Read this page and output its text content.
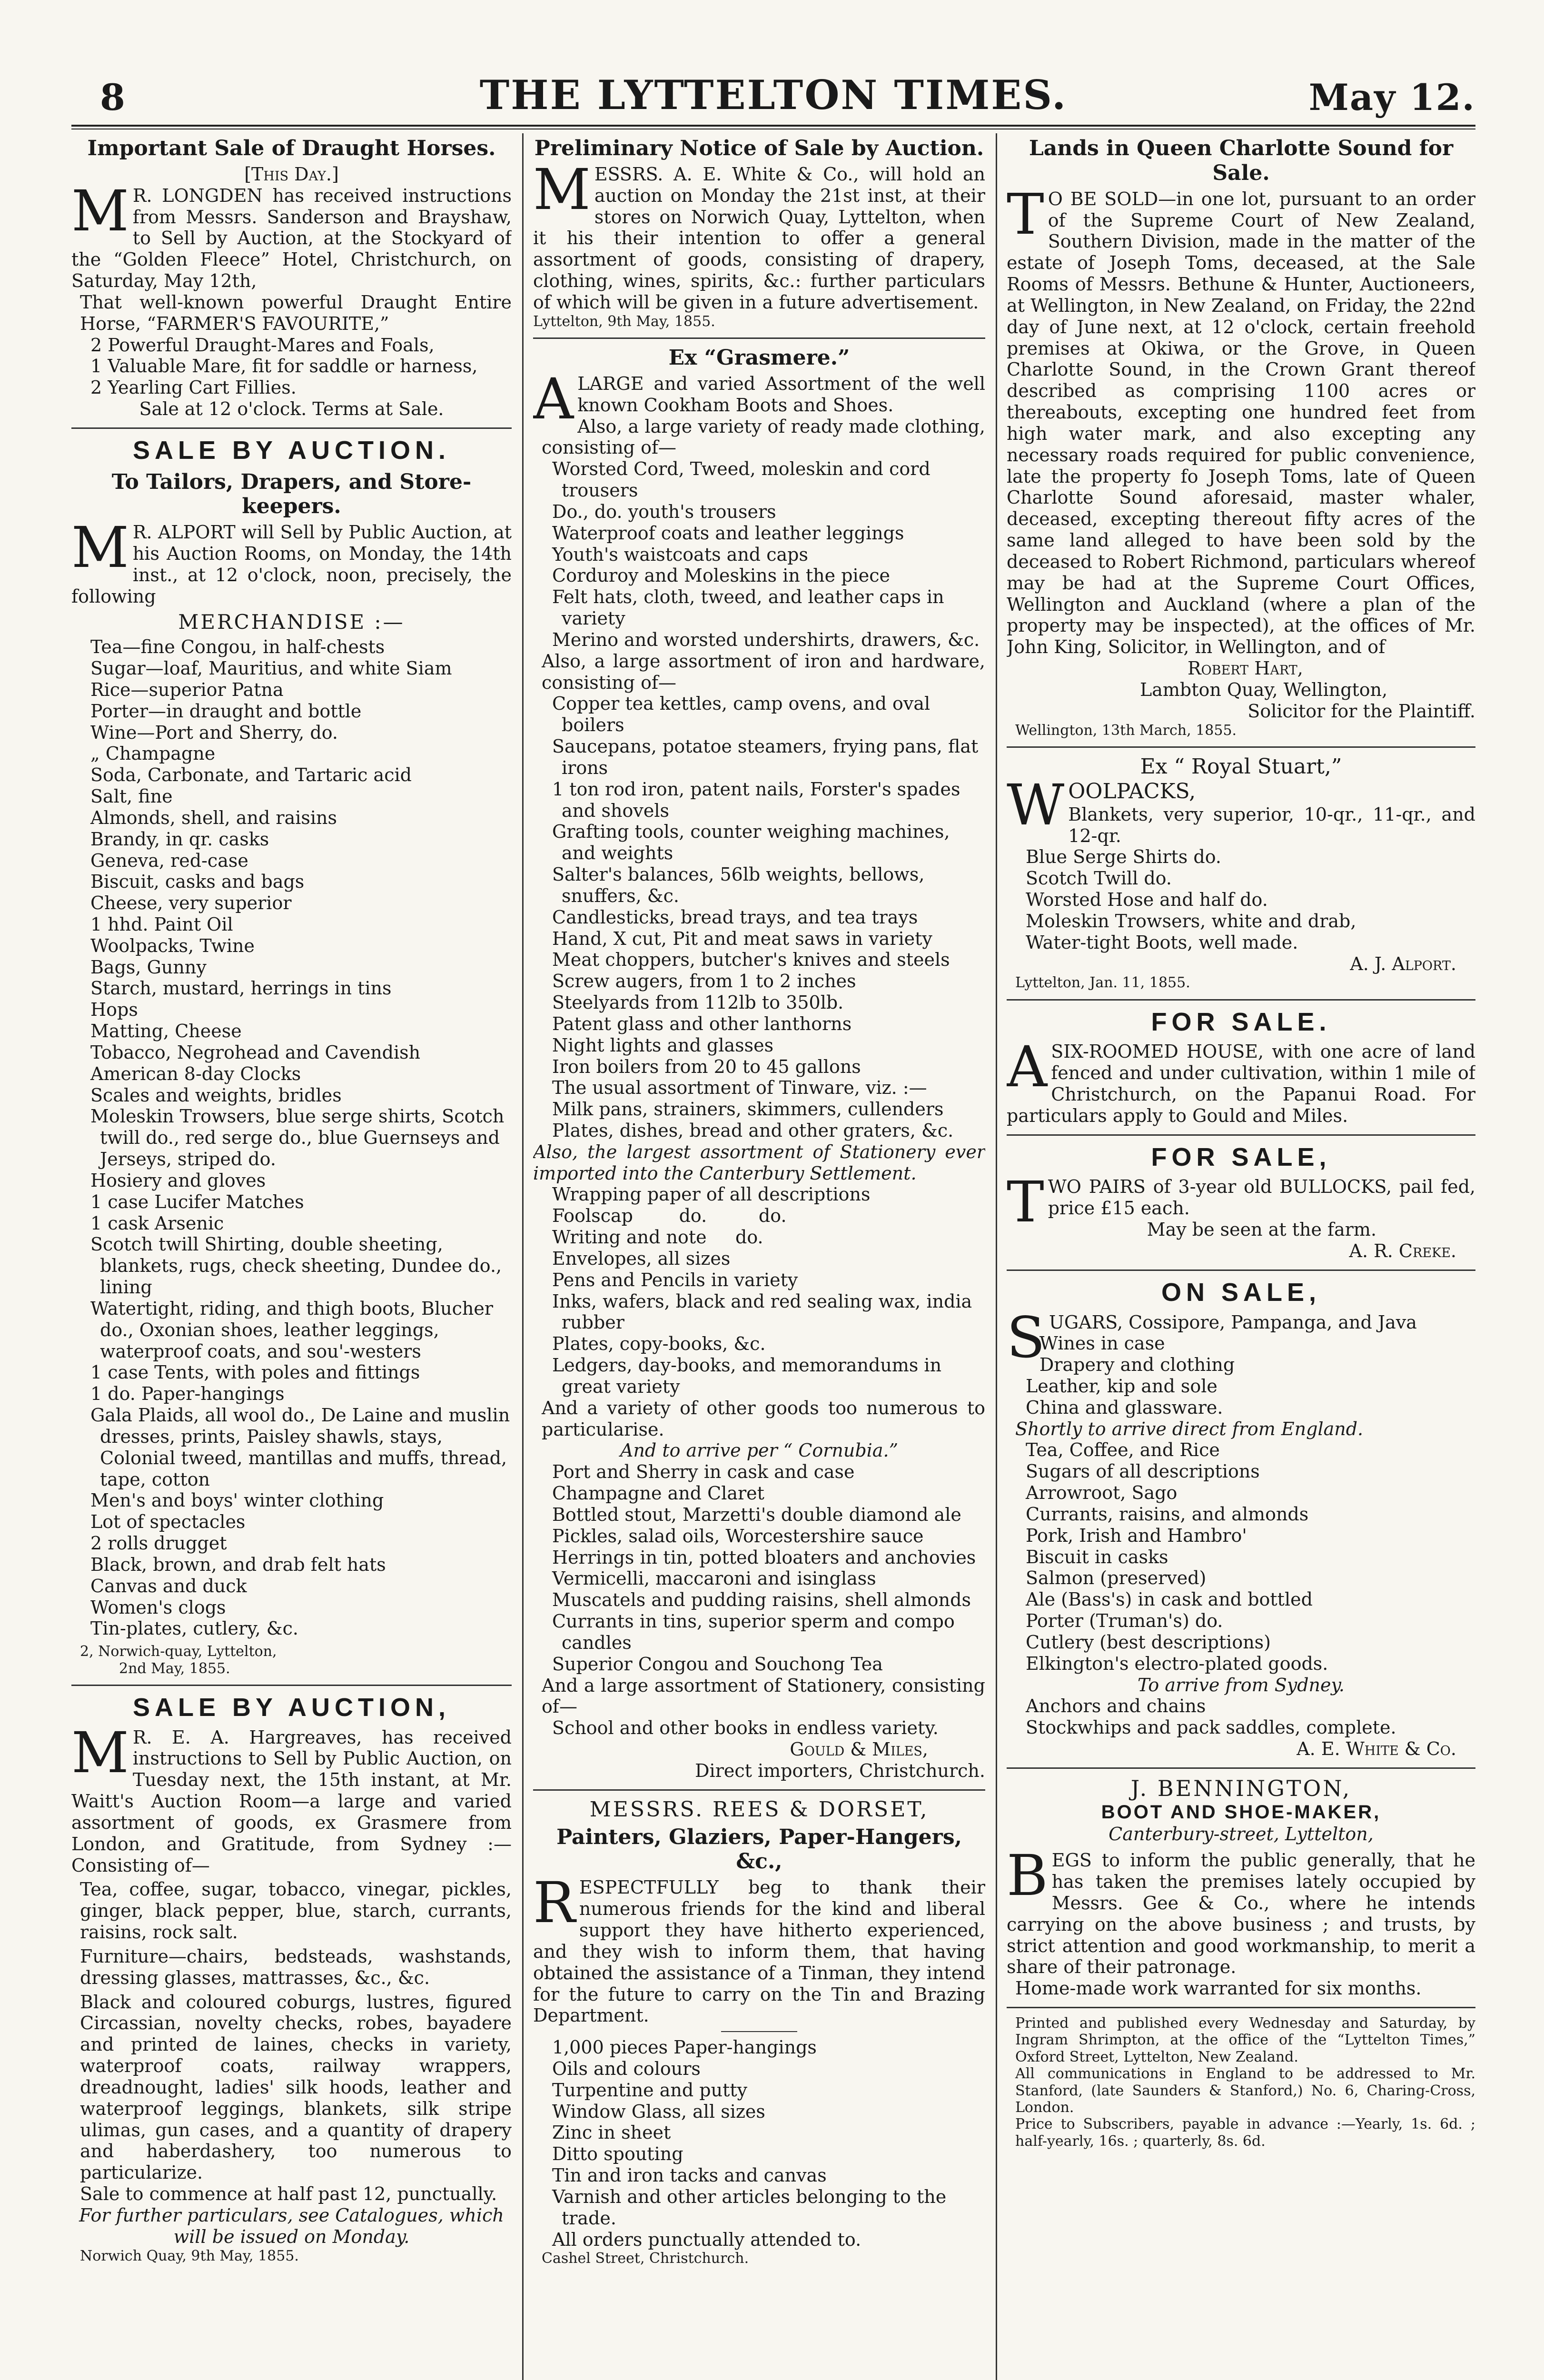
8	THE LYTTELTON TIMES.	May 12.
Important Sale of Draught Horses.
[This Day.]

M R. LONGDEN has received instructions from Messrs. Sanderson and Brayshaw, to Sell by Auction, at the Stockyard of the “Golden Fleece” Hotel, Christchurch, on Saturday, May 12th,

That well-known powerful Draught Entire Horse, “FARMER'S FAVOURITE,”

2 Powerful Draught-Mares and Foals,
1 Valuable Mare, fit for saddle or harness,
2 Yearling Cart Fillies.
Sale at 12 o'clock. Terms at Sale.
SALE BY AUCTION.
To Tailors, Drapers, and Store-keepers.

M R. ALPORT will Sell by Public Auction, at his Auction Rooms, on Monday, the 14th inst., at 12 o'clock, noon, precisely, the following

MERCHANDISE :—
Tea—fine Congou, in half-chests
Sugar—loaf, Mauritius, and white Siam
Rice—superior Patna
Porter—in draught and bottle
Wine—Port and Sherry, do.
„ Champagne
Soda, Carbonate, and Tartaric acid
Salt, fine
Almonds, shell, and raisins
Brandy, in qr. casks
Geneva, red-case
Biscuit, casks and bags
Cheese, very superior
1 hhd. Paint Oil
Woolpacks, Twine
Bags, Gunny
Starch, mustard, herrings in tins
Hops
Matting, Cheese
Tobacco, Negrohead and Cavendish
American 8-day Clocks
Scales and weights, bridles
Moleskin Trowsers, blue serge shirts, Scotch twill do., red serge do., blue Guernseys and Jerseys, striped do.
Hosiery and gloves
1 case Lucifer Matches
1 cask Arsenic
Scotch twill Shirting, double sheeting, blankets, rugs, check sheeting, Dundee do., lining
Watertight, riding, and thigh boots, Blucher do., Oxonian shoes, leather leggings, waterproof coats, and sou'-westers
1 case Tents, with poles and fittings
1 do. Paper-hangings
Gala Plaids, all wool do., De Laine and muslin dresses, prints, Paisley shawls, stays, Colonial tweed, mantillas and muffs, thread, tape, cotton
Men's and boys' winter clothing
Lot of spectacles
2 rolls drugget
Black, brown, and drab felt hats
Canvas and duck
Women's clogs
Tin-plates, cutlery, &c.
2, Norwich-quay, Lyttelton,
2nd May, 1855.
SALE BY AUCTION,

M R. E. A. Hargreaves, has received instructions to Sell by Public Auction, on Tuesday next, the 15th instant, at Mr. Waitt's Auction Room—a large and varied assortment of goods, ex Grasmere from London, and Gratitude, from Sydney :—Consisting of—

Tea, coffee, sugar, tobacco, vinegar, pickles, ginger, black pepper, blue, starch, currants, raisins, rock salt.

Furniture—chairs, bedsteads, washstands, dressing glasses, mattrasses, &c., &c.

Black and coloured coburgs, lustres, figured Circassian, novelty checks, robes, bayadere and printed de laines, checks in variety, waterproof coats, railway wrappers, dreadnought, ladies' silk hoods, leather and waterproof leggings, blankets, silk stripe ulimas, gun cases, and a quantity of drapery and haberdashery, too numerous to particularize.

Sale to commence at half past 12, punctually.

For further particulars, see Catalogues, which will be issued on Monday.

Norwich Quay, 9th May, 1855.
Preliminary Notice of Sale by Auction.

MESSRS. A. E. White & Co., will hold an auction on Monday the 21st inst, at their stores on Norwich Quay, Lyttelton, when it his their intention to offer a general assortment of goods, consisting of drapery, clothing, wines, spirits, &c.: further particulars of which will be given in a future advertisement.

Lyttelton, 9th May, 1855.
Ex “Grasmere.”

ALARGE and varied Assortment of the well known Cookham Boots and Shoes.

Also, a large variety of ready made clothing, consisting of—

Worsted Cord, Tweed, moleskin and cord trousers
Do., do. youth's trousers
Waterproof coats and leather leggings
Youth's waistcoats and caps
Corduroy and Moleskins in the piece
Felt hats, cloth, tweed, and leather caps in variety
Merino and worsted undershirts, drawers, &c.

Also, a large assortment of iron and hardware, consisting of—

Copper tea kettles, camp ovens, and oval boilers
Saucepans, potatoe steamers, frying pans, flat irons
1 ton rod iron, patent nails, Forster's spades and shovels
Grafting tools, counter weighing machines, and weights
Salter's balances, 56lb weights, bellows, snuffers, &c.
Candlesticks, bread trays, and tea trays
Hand, X cut, Pit and meat saws in variety
Meat choppers, butcher's knives and steels
Screw augers, from 1 to 2 inches
Steelyards from 112lb to 350lb.
Patent glass and other lanthorns
Night lights and glasses
Iron boilers from 20 to 45 gallons
The usual assortment of Tinware, viz. :—
Milk pans, strainers, skimmers, cullenders
Plates, dishes, bread and other graters, &c.

Also, the largest assortment of Stationery ever imported into the Canterbury Settlement.

Wrapping paper of all descriptions
Foolscap        do.         do.
Writing and note     do.
Envelopes, all sizes
Pens and Pencils in variety
Inks, wafers, black and red sealing wax, india rubber
Plates, copy-books, &c.
Ledgers, day-books, and memorandums in great variety

And a variety of other goods too numerous to particularise.

And to arrive per “ Cornubia.”
Port and Sherry in cask and case
Champagne and Claret
Bottled stout, Marzetti's double diamond ale
Pickles, salad oils, Worcestershire sauce
Herrings in tin, potted bloaters and anchovies
Vermicelli, maccaroni and isinglass
Muscatels and pudding raisins, shell almonds
Currants in tins, superior sperm and compo candles
Superior Congou and Souchong Tea

And a large assortment of Stationery, consisting of—

School and other books in endless variety.
Gould & Miles,
Direct importers, Christchurch.
MESSRS. REES & DORSET,
Painters, Glaziers, Paper-Hangers, &c.,

RESPECTFULLY beg to thank their numerous friends for the kind and liberal support they have hitherto experienced, and they wish to inform them, that having obtained the assistance of a Tinman, they intend for the future to carry on the Tin and Brazing Department.

1,000 pieces Paper-hangings
Oils and colours
Turpentine and putty
Window Glass, all sizes
Zinc in sheet
Ditto spouting
Tin and iron tacks and canvas
Varnish and other articles belonging to the trade.
All orders punctually attended to.
Cashel Street, Christchurch.
Lands in Queen Charlotte Sound for Sale.

T O BE SOLD—in one lot, pursuant to an order of the Supreme Court of New Zealand, Southern Division, made in the matter of the estate of Joseph Toms, deceased, at the Sale Rooms of Messrs. Bethune & Hunter, Auctioneers, at Wellington, in New Zealand, on Friday, the 22nd day of June next, at 12 o'clock, certain freehold premises at Okiwa, or the Grove, in Queen Charlotte Sound, in the Crown Grant thereof described as comprising 1100 acres or thereabouts, excepting one hundred feet from high water mark, and also excepting any necessary roads required for public convenience, late the property fo Joseph Toms, late of Queen Charlotte Sound aforesaid, master whaler, deceased, excepting thereout fifty acres of the same land alleged to have been sold by the deceased to Robert Richmond, particulars whereof may be had at the Supreme Court Offices, Wellington and Auckland (where a plan of the property may be inspected), at the offices of Mr. John King, Solicitor, in Wellington, and of

Robert Hart,
Lambton Quay, Wellington,
Solicitor for the Plaintiff.
Wellington, 13th March, 1855.
Ex “ Royal Stuart,”

WOOLPACKS,

Blankets, very superior, 10-qr., 11-qr., and 12-qr.

Blue Serge Shirts do.
Scotch Twill do.
Worsted Hose and half do.
Moleskin Trowsers, white and drab,
Water-tight Boots, well made.
A. J. Alport.
Lyttelton, Jan. 11, 1855.
FOR SALE.

ASIX-ROOMED HOUSE, with one acre of land fenced and under cultivation, within 1 mile of Christchurch, on the Papanui Road. For particulars apply to Gould and Miles.

FOR SALE,

TWO PAIRS of 3-year old BULLOCKS, pail fed, price £15 each.

May be seen at the farm.
A. R. Creke.
ON SALE,

SUGARS, Cossipore, Pampanga, and Java

Wines in case
Drapery and clothing
Leather, kip and sole
China and glassware.
Shortly to arrive direct from England.
Tea, Coffee, and Rice
Sugars of all descriptions
Arrowroot, Sago
Currants, raisins, and almonds
Pork, Irish and Hambro'
Biscuit in casks
Salmon (preserved)
Ale (Bass's) in cask and bottled
Porter (Truman's) do.
Cutlery (best descriptions)
Elkington's electro-plated goods.
To arrive from Sydney.
Anchors and chains
Stockwhips and pack saddles, complete.
A. E. White & Co.
J. BENNINGTON,
BOOT AND SHOE-MAKER,
Canterbury-street, Lyttelton,

BEGS to inform the public generally, that he has taken the premises lately occupied by Messrs. Gee & Co., where he intends carrying on the above business ; and trusts, by strict attention and good workmanship, to merit a share of their patronage.

Home-made work warranted for six months.

Printed and published every Wednesday and Saturday, by Ingram Shrimpton, at the office of the “Lyttelton Times,” Oxford Street, Lyttelton, New Zealand.

All communications in England to be addressed to Mr. Stanford, (late Saunders & Stanford,) No. 6, Charing-Cross, London.

Price to Subscribers, payable in advance :—Yearly, 1s. 6d. ; half-yearly, 16s. ; quarterly, 8s. 6d.
